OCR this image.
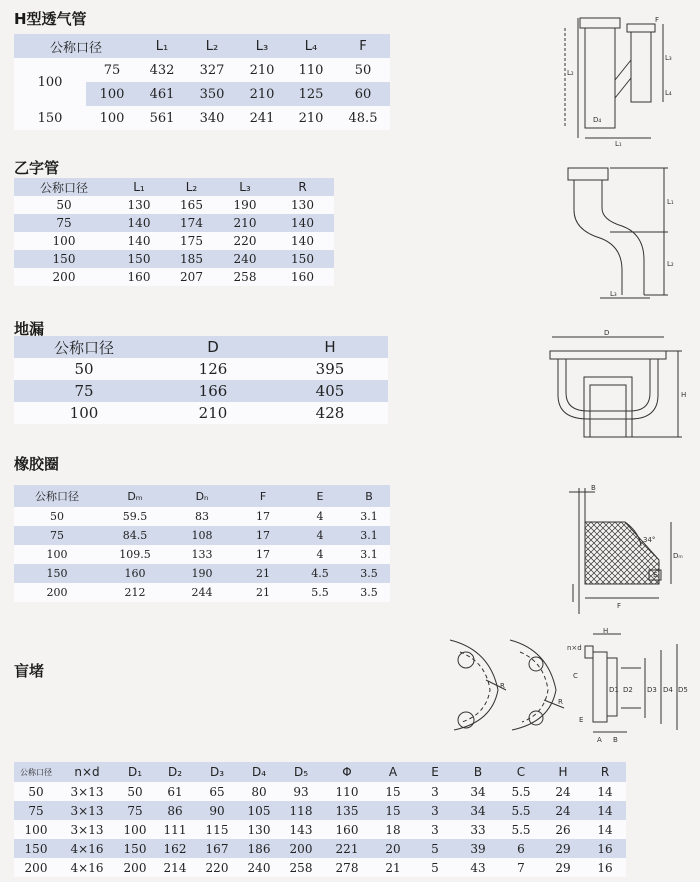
H型透气管
公称口径		L₁	L₂	L₃	L₄	F
100	75	432	327	210	110	50
	100	461	350	210	125	60
150	100	561	340	241	210	48.5
L₂
L₃
L₄
L₁
F
D₄
乙字管
公称口径	L₁	L₂	L₃	R
50	130	165	190	130
75	140	174	210	140
100	140	175	220	140
150	150	185	240	150
200	160	207	258	160
L₁
L₂
L₃
地漏
公称口径	D	H
50	126	395
75	166	405
100	210	428
D
H
橡胶圈
公称口径	Dₘ	Dₙ	F	E	B
50	59.5	83	17	4	3.1
75	84.5	108	17	4	3.1
100	109.5	133	17	4	3.1
150	160	190	21	4.5	3.5
200	212	244	21	5.5	3.5
B
34°
Dₘ
E
F
盲堵
R
R
n×d
C
D1 D2 D3 D4 D5
E
A B
H
公称口径	n×d	D₁	D₂	D₃	D₄	D₅	Φ	A	E	B	C	H	R
50	3×13	50	61	65	80	93	110	15	3	34	5.5	24	14
75	3×13	75	86	90	105	118	135	15	3	34	5.5	24	14
100	3×13	100	111	115	130	143	160	18	3	33	5.5	26	14
150	4×16	150	162	167	186	200	221	20	5	39	6	29	16
200	4×16	200	214	220	240	258	278	21	5	43	7	29	16
